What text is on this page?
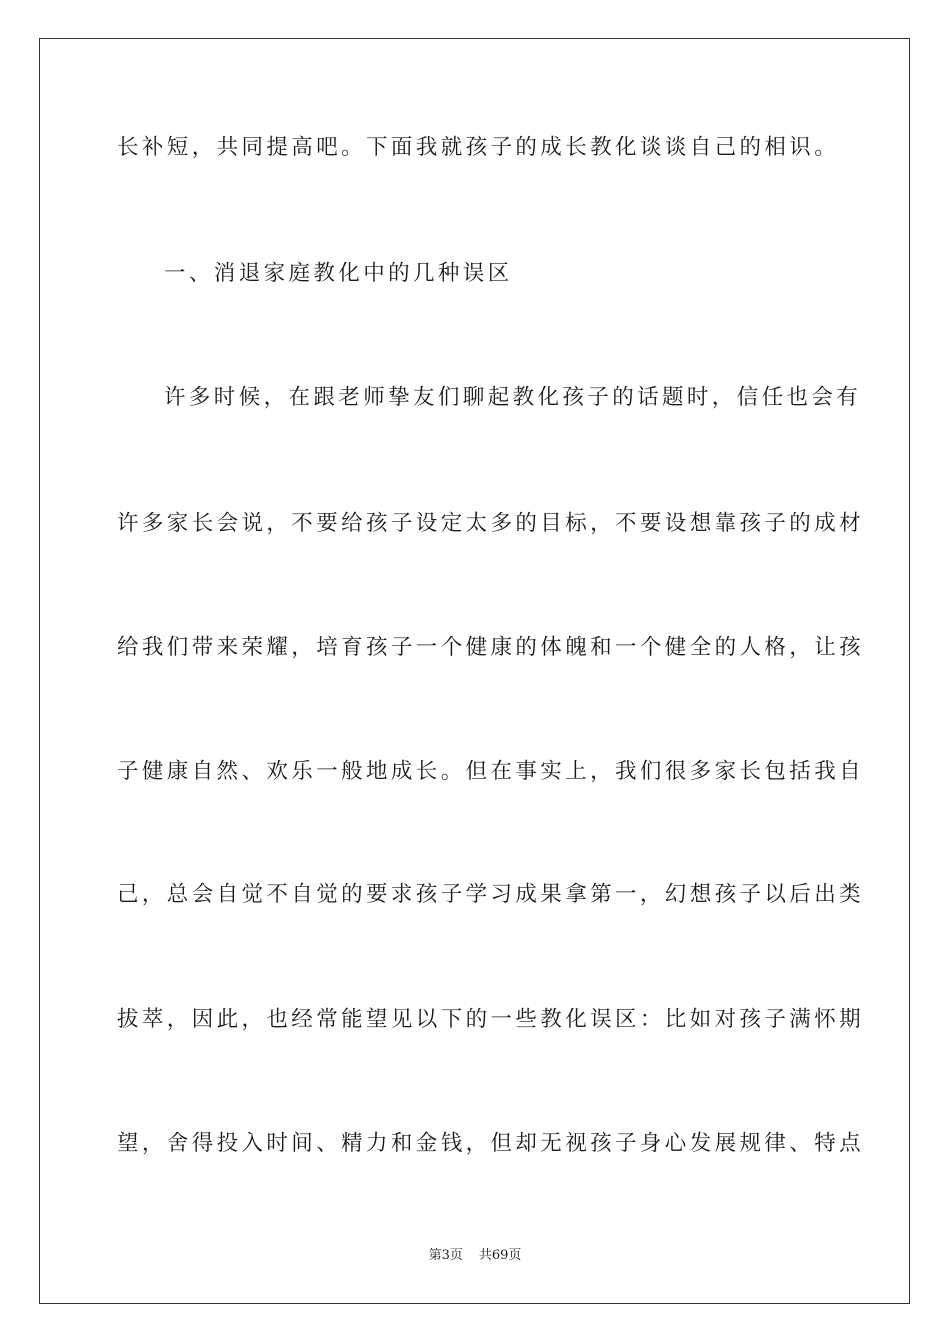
长补短，共同提高吧。下面我就孩子的成长教化谈谈自己的相识。
一、消退家庭教化中的几种误区
许多时候，在跟老师挚友们聊起教化孩子的话题时，信任也会有
许多家长会说，不要给孩子设定太多的目标，不要设想靠孩子的成材
给我们带来荣耀，培育孩子一个健康的体魄和一个健全的人格，让孩
子健康自然、欢乐一般地成长。但在事实上，我们很多家长包括我自
己，总会自觉不自觉的要求孩子学习成果拿第一，幻想孩子以后出类
拔萃，因此，也经常能望见以下的一些教化误区：比如对孩子满怀期
望，舍得投入时间、精力和金钱，但却无视孩子身心发展规律、特点
第3页 共69页
